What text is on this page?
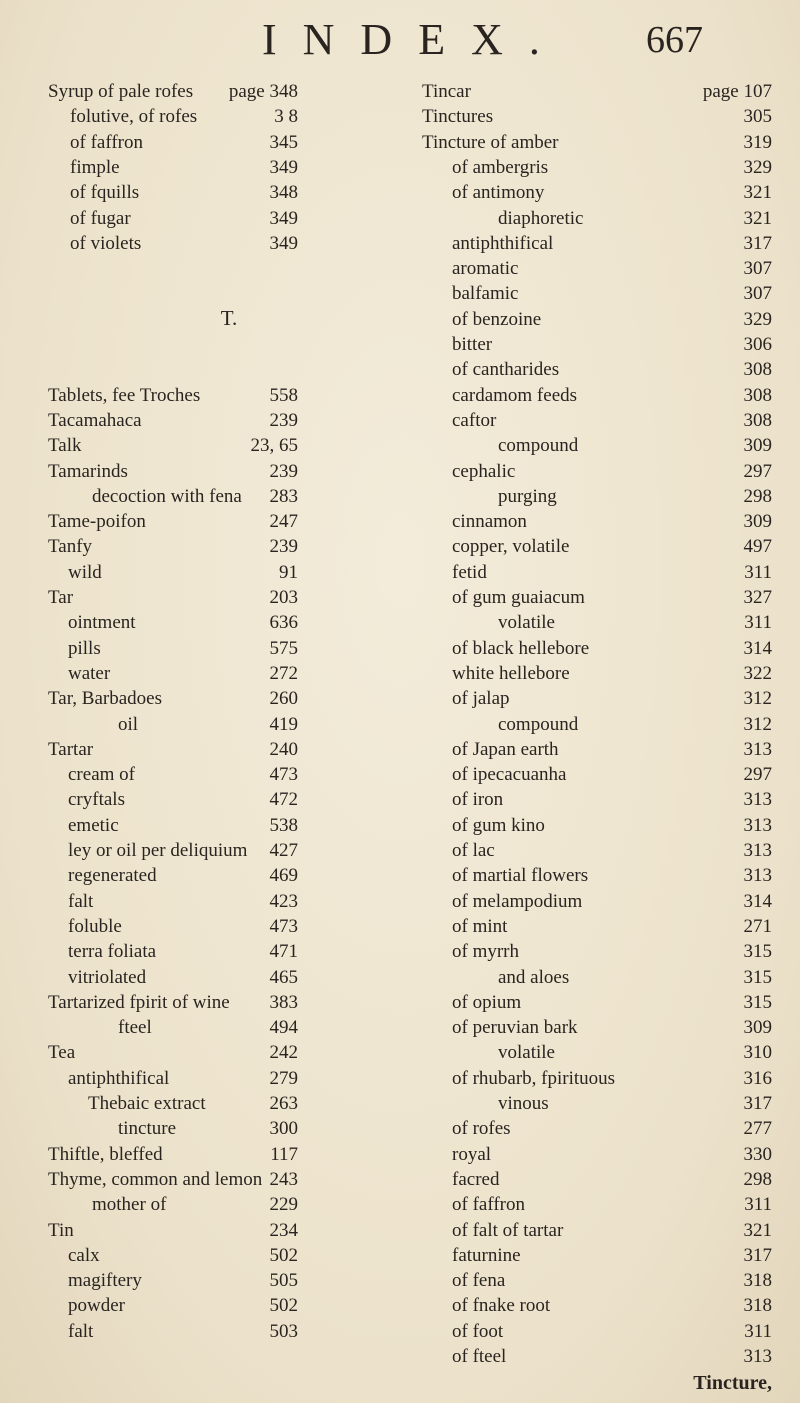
INDEX. 667
Syrup of pale rofes page 348
folutive, of rofes	3 8
of faffron	345
fimple	349
of fquills	348
of fugar	349
of violets	349
T.
Tablets, fee Troches	558
Tacamahaca	239
Talk	23, 65
Tamarinds	239
decoction with fena 283
Tame-poifon	247
Tanfy	239
wild	91
Tar	203
ointment	636
pills	575
water	272
Tar, Barbadoes	260
oil	419
Tartar	240
cream of	473
cryftals	472
emetic	538
ley or oil per deliquium 427
regenerated	469
falt	423
foluble	473
terra foliata	471
vitriolated	465
Tartarized fpirit of wine 383
fteel	494
Tea	242
antiphthifical	279
Thebaic extract	263
tincture	300
Thiftle, bleffed	117
Thyme, common and lemon 243
mother of	229
Tin	234
calx	502
magiftery	505
powder	502
falt	503
Tincar	page 107
Tinctures	305
Tincture of amber	319
of ambergris	329
of antimony	321
diaphoretic	321
antiphthifical	317
aromatic	307
balfamic	307
of benzoine	329
bitter	306
of cantharides	308
cardamom feeds	308
caftor	308
compound	309
cephalic	297
purging	298
cinnamon	309
copper, volatile	497
fetid	311
of gum guaiacum	327
volatile	311
of black hellebore	314
white hellebore	322
of jalap	312
compound	312
of Japan earth	313
of ipecacuanha	297
of iron	313
of gum kino	313
of lac	313
of martial flowers	313
of melampodium	314
of mint	271
of myrrh	315
and aloes	315
of opium	315
of peruvian bark	309
volatile	310
of rhubarb, fpirituous	316
vinous	317
of rofes	277
royal	330
facred	298
of faffron	311
of falt of tartar	321
faturnine	317
of fena	318
of fnake root	318
of foot	311
of fteel	313
Tincture,
